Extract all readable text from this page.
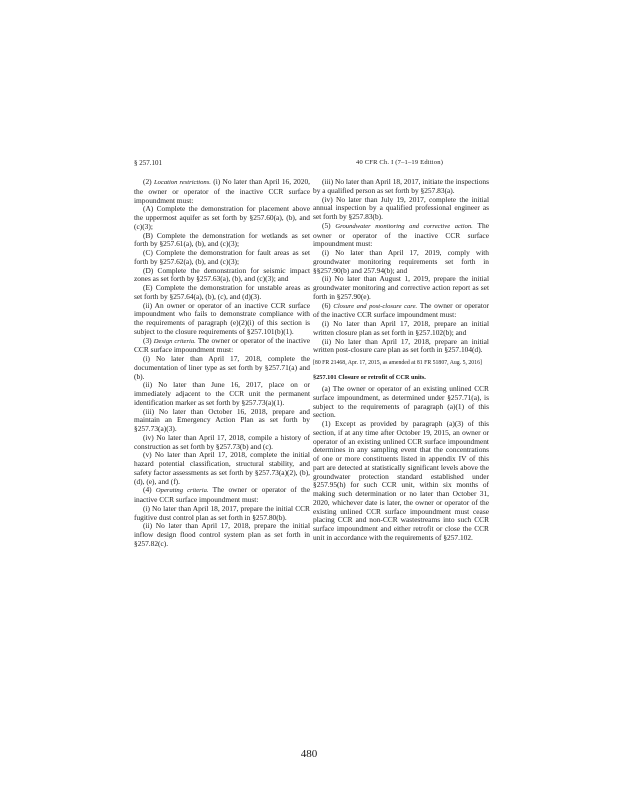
§ 257.101	40 CFR Ch. I (7–1–19 Edition)

(2) Location restrictions. (i) No later than April 16, 2020, the owner or operator of the inactive CCR surface impoundment must:

(A) Complete the demonstration for placement above the uppermost aquifer as set forth by §257.60(a), (b), and (c)(3);

(B) Complete the demonstration for wetlands as set forth by §257.61(a), (b), and (c)(3);

(C) Complete the demonstration for fault areas as set forth by §257.62(a), (b), and (c)(3);

(D) Complete the demonstration for seismic impact zones as set forth by §257.63(a), (b), and (c)(3); and

(E) Complete the demonstration for unstable areas as set forth by §257.64(a), (b), (c), and (d)(3).

(ii) An owner or operator of an inactive CCR surface impoundment who fails to demonstrate compliance with the requirements of paragraph (e)(2)(i) of this section is subject to the closure requirements of §257.101(b)(1).

(3) Design criteria. The owner or operator of the inactive CCR surface impoundment must:

(i) No later than April 17, 2018, complete the documentation of liner type as set forth by §257.71(a) and (b).

(ii) No later than June 16, 2017, place on or immediately adjacent to the CCR unit the permanent identification marker as set forth by §257.73(a)(1).

(iii) No later than October 16, 2018, prepare and maintain an Emergency Action Plan as set forth by §257.73(a)(3).

(iv) No later than April 17, 2018, compile a history of construction as set forth by §257.73(b) and (c).

(v) No later than April 17, 2018, complete the initial hazard potential classification, structural stability, and safety factor assessments as set forth by §257.73(a)(2), (b), (d), (e), and (f).

(4) Operating criteria. The owner or operator of the inactive CCR surface impoundment must:

(i) No later than April 18, 2017, prepare the initial CCR fugitive dust control plan as set forth in §257.80(b).

(ii) No later than April 17, 2018, prepare the initial inflow design flood control system plan as set forth in §257.82(c).

(iii) No later than April 18, 2017, initiate the inspections by a qualified person as set forth by §257.83(a).

(iv) No later than July 19, 2017, complete the initial annual inspection by a qualified professional engineer as set forth by §257.83(b).

(5) Groundwater monitoring and corrective action. The owner or operator of the inactive CCR surface impoundment must:

(i) No later than April 17, 2019, comply with groundwater monitoring requirements set forth in §§257.90(b) and 257.94(b); and

(ii) No later than August 1, 2019, prepare the initial groundwater monitoring and corrective action report as set forth in §257.90(e).

(6) Closure and post-closure care. The owner or operator of the inactive CCR surface impoundment must:

(i) No later than April 17, 2018, prepare an initial written closure plan as set forth in §257.102(b); and

(ii) No later than April 17, 2018, prepare an initial written post-closure care plan as set forth in §257.104(d).

[80 FR 21468, Apr. 17, 2015, as amended at 81 FR 51807, Aug. 5, 2016]

§257.101 Closure or retrofit of CCR units.

(a) The owner or operator of an existing unlined CCR surface impoundment, as determined under §257.71(a), is subject to the requirements of paragraph (a)(1) of this section.

(1) Except as provided by paragraph (a)(3) of this section, if at any time after October 19, 2015, an owner or operator of an existing unlined CCR surface impoundment determines in any sampling event that the concentrations of one or more constituents listed in appendix IV of this part are detected at statistically significant levels above the groundwater protection standard established under §257.95(h) for such CCR unit, within six months of making such determination or no later than October 31, 2020, whichever date is later, the owner or operator of the existing unlined CCR surface impoundment must cease placing CCR and non-CCR wastestreams into such CCR surface impoundment and either retrofit or close the CCR unit in accordance with the requirements of §257.102.

480
